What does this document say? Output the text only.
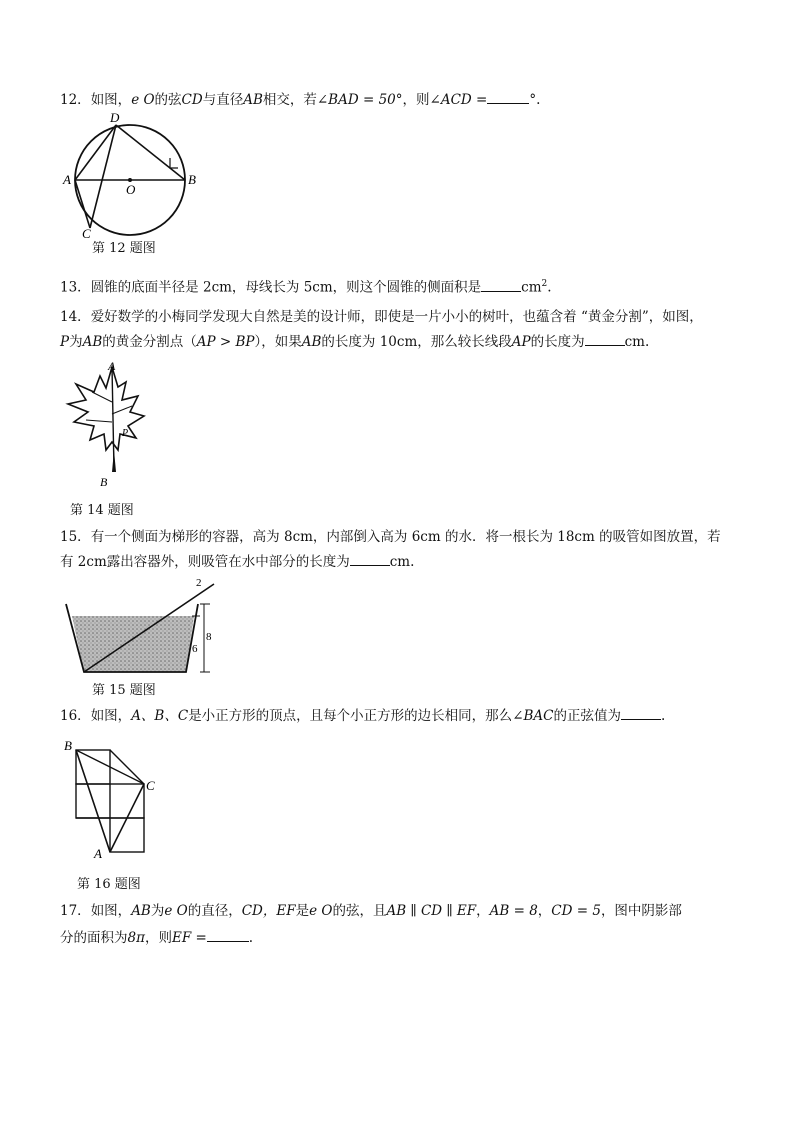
12．如图，e O的弦CD与直径AB相交，若∠BAD = 50°，则∠ACD =	°.
D
A	B
O
C
第 12 题图
13．圆锥的底面半径是 2cm，母线长为 5cm，则这个圆锥的侧面积是	$cm^2$.
14．爱好数学的小梅同学发现大自然是美的设计师，即使是一片小小的树叶，也蕴含着 “黄金分割”，如图，
P为AB的黄金分割点（AP > BP），如果AB的长度为 10cm，那么较长线段AP的长度为	cm.
A
P
B
第 14 题图
15．有一个侧面为梯形的容器，高为 8cm，内部倒入高为 6cm 的水．将一根长为 18cm 的吸管如图放置，若
有 2cm露出容器外，则吸管在水中部分的长度为	cm.
8
6
2
第 15 题图
16．如图，A、B、C是小正方形的顶点，且每个小正方形的边长相同，那么∠BAC的正弦值为	.
B
C
A
第 16 题图
17．如图，AB为e O的直径，CD，EF是e O的弦，且AB ∥ CD ∥ EF，AB = 8，CD = 5，图中阴影部
分的面积为8π，则EF =	.
